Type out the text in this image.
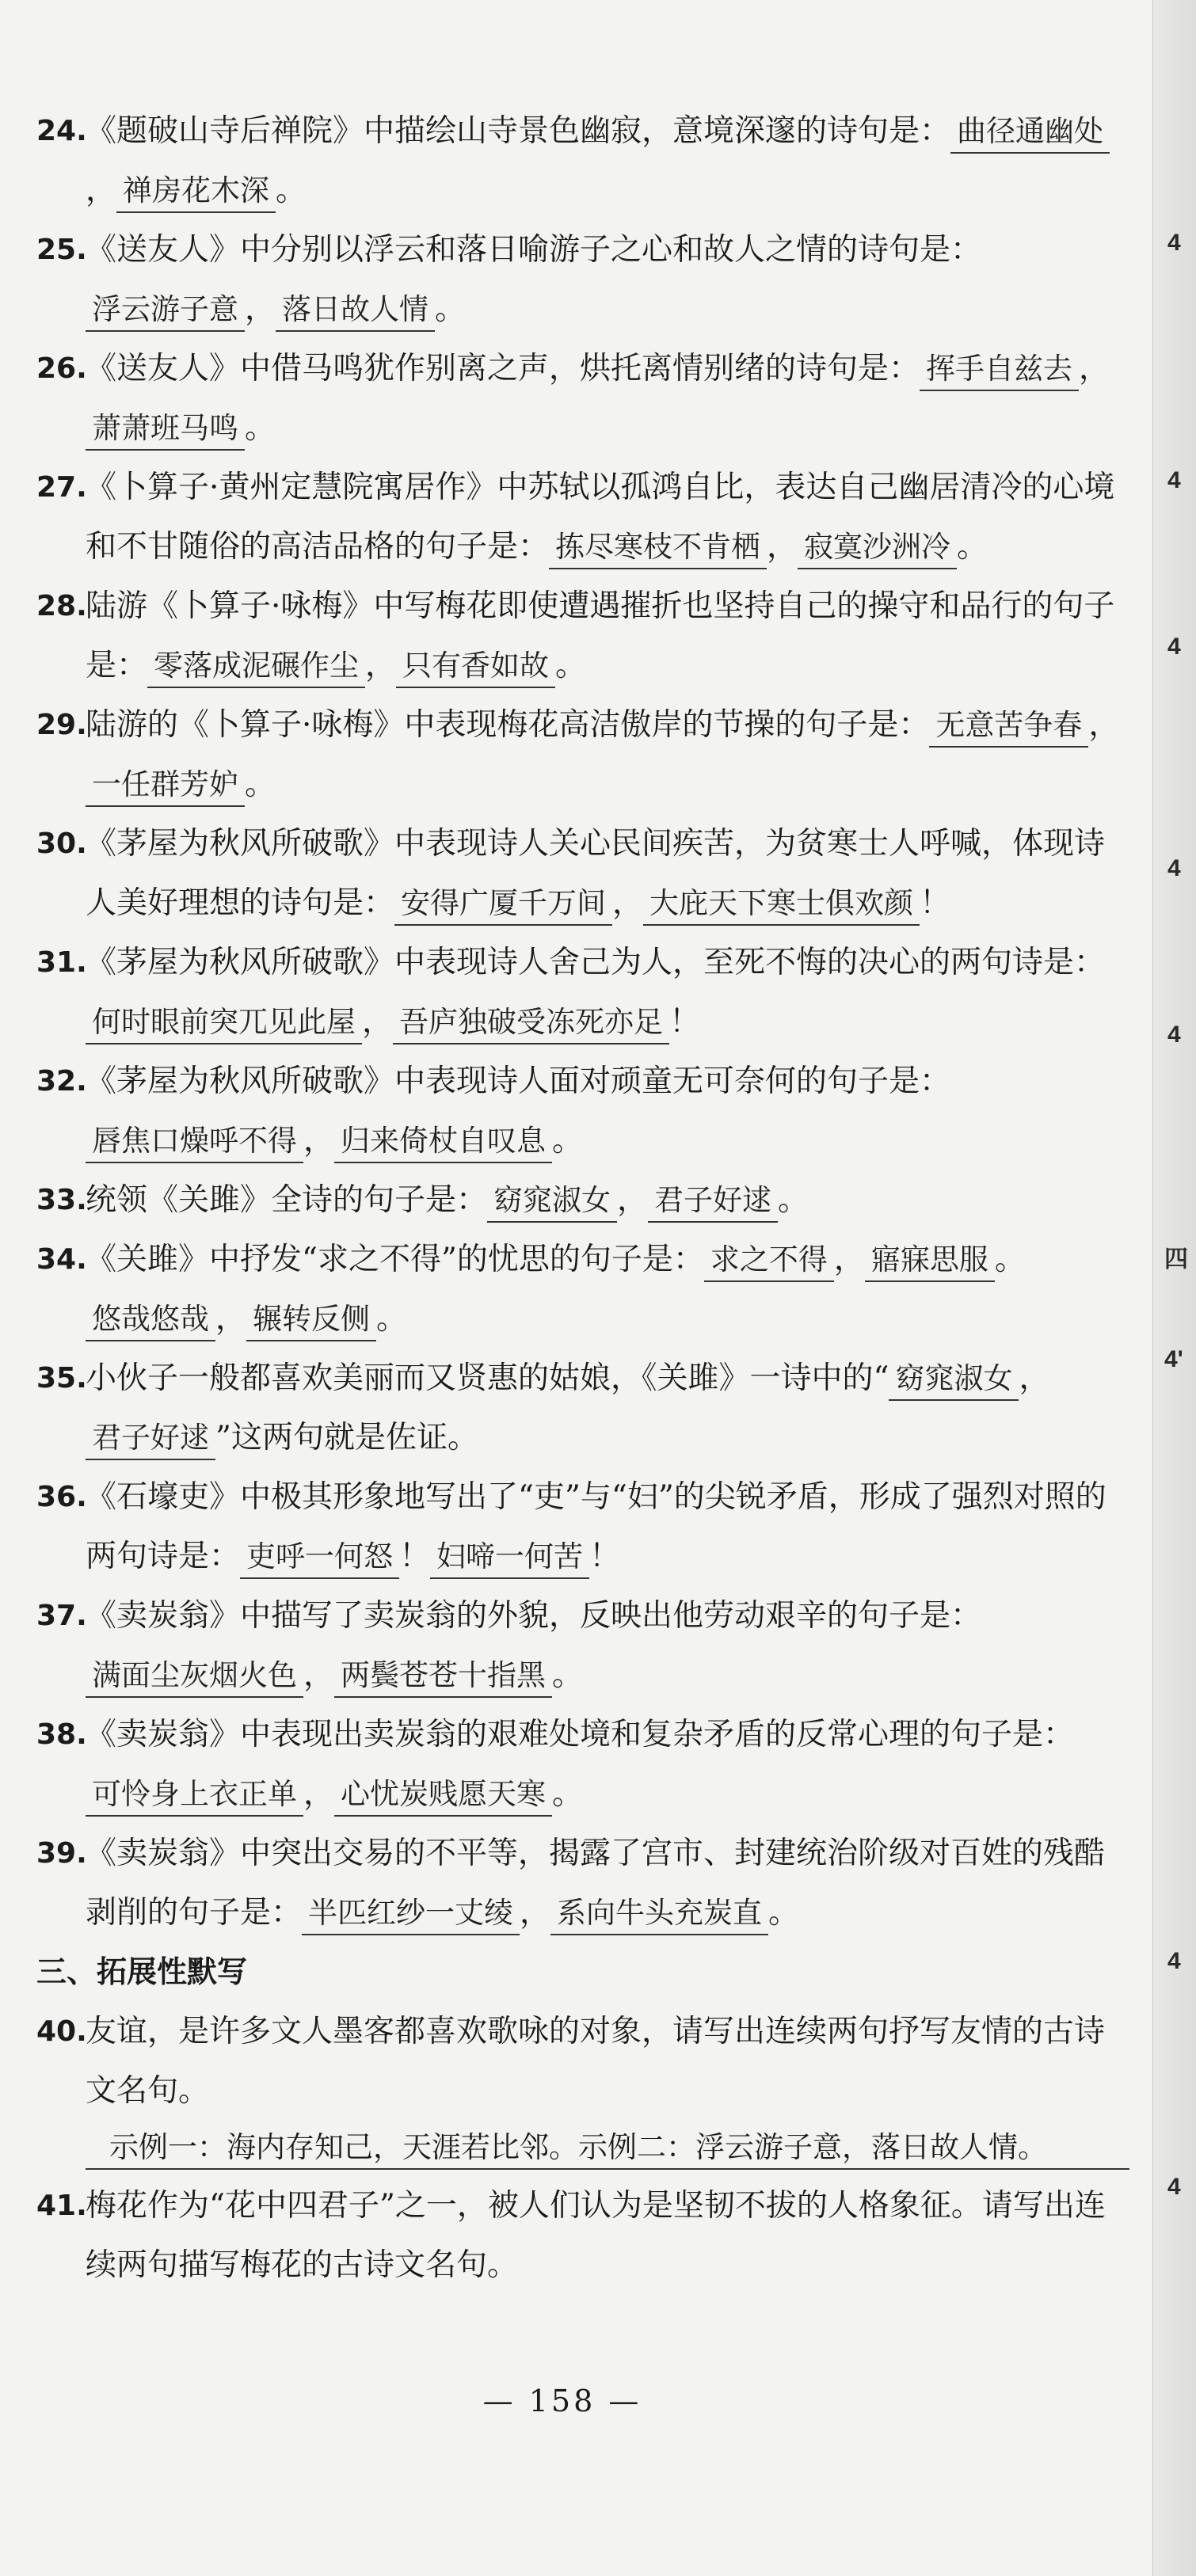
4
4
4
4
4
四
4'
4
4
24.
《题破山寺后禅院》中描绘山寺景色幽寂，意境深邃的诗句是： 曲径通幽处， 禅房花木深 。
25.
《送友人》中分别以浮云和落日喻游子之心和故人之情的诗句是：浮云游子意 ， 落日故人情 。
26.
《送友人》中借马鸣犹作别离之声，烘托离情别绪的诗句是： 挥手自兹去 ，萧萧班马鸣 。
27.
《卜算子·黄州定慧院寓居作》中苏轼以孤鸿自比，表达自己幽居清冷的心境和不甘随俗的高洁品格的句子是： 拣尽寒枝不肯栖 ， 寂寞沙洲冷 。
28.
陆游《卜算子·咏梅》中写梅花即使遭遇摧折也坚持自己的操守和品行的句子是： 零落成泥碾作尘 ， 只有香如故 。
29.
陆游的《卜算子·咏梅》中表现梅花高洁傲岸的节操的句子是： 无意苦争春 ，一任群芳妒 。
30.
《茅屋为秋风所破歌》中表现诗人关心民间疾苦，为贫寒士人呼喊，体现诗人美好理想的诗句是： 安得广厦千万间 ， 大庇天下寒士俱欢颜 ！
31.
《茅屋为秋风所破歌》中表现诗人舍己为人，至死不悔的决心的两句诗是：何时眼前突兀见此屋 ， 吾庐独破受冻死亦足 ！
32.
《茅屋为秋风所破歌》中表现诗人面对顽童无可奈何的句子是：唇焦口燥呼不得 ， 归来倚杖自叹息 。
33.
统领《关雎》全诗的句子是： 窈窕淑女 ， 君子好逑 。
34.
《关雎》中抒发“求之不得”的忧思的句子是： 求之不得 ， 寤寐思服 。悠哉悠哉 ， 辗转反侧 。
35.
小伙子一般都喜欢美丽而又贤惠的姑娘，《关雎》一诗中的“ 窈窕淑女 ，君子好逑 ”这两句就是佐证。
36.
《石壕吏》中极其形象地写出了“吏”与“妇”的尖锐矛盾，形成了强烈对照的两句诗是： 吏呼一何怒 ！ 妇啼一何苦 ！
37.
《卖炭翁》中描写了卖炭翁的外貌，反映出他劳动艰辛的句子是：满面尘灰烟火色 ， 两鬓苍苍十指黑 。
38.
《卖炭翁》中表现出卖炭翁的艰难处境和复杂矛盾的反常心理的句子是：可怜身上衣正单 ， 心忧炭贱愿天寒 。
39.
《卖炭翁》中突出交易的不平等，揭露了宫市、封建统治阶级对百姓的残酷剥削的句子是： 半匹红纱一丈绫 ， 系向牛头充炭直 。
三、拓展性默写
40.
友谊，是许多文人墨客都喜欢歌咏的对象，请写出连续两句抒写友情的古诗文名句。
示例一：海内存知己，天涯若比邻。示例二：浮云游子意，落日故人情。
41.
梅花作为“花中四君子”之一，被人们认为是坚韧不拔的人格象征。请写出连续两句描写梅花的古诗文名句。
— 158 —
